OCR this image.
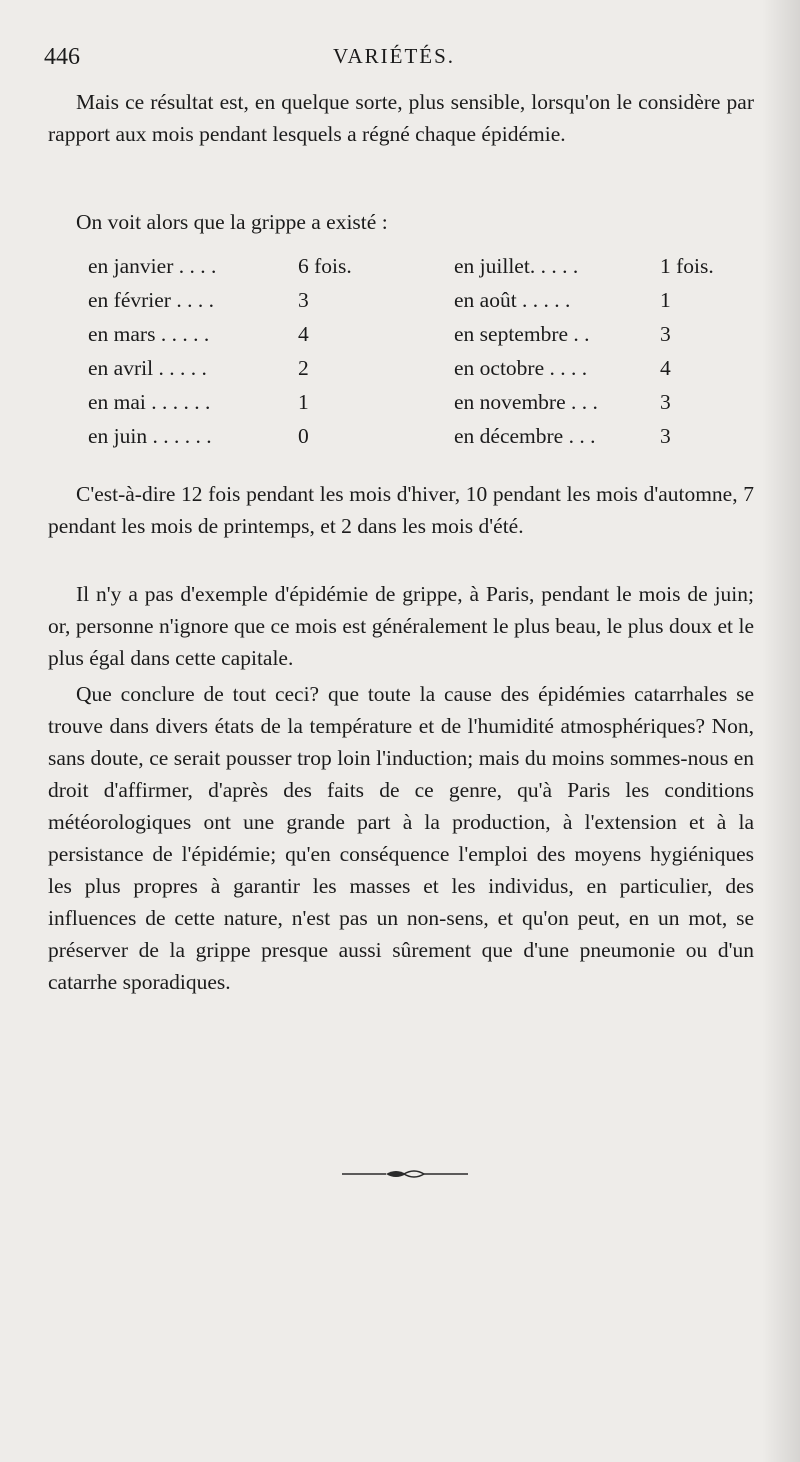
446	VARIÉTÉS.

Mais ce résultat est, en quelque sorte, plus sensible, lorsqu'on le considère par rapport aux mois pendant lesquels a régné chaque épidémie.

On voit alors que la grippe a existé :

en janvier . . . .	6 fois.	en juillet. . . . .	1 fois.
en février . . . .	3	en août . . . . .	1
en mars . . . . .	4	en septembre . .	3
en avril . . . . .	2	en octobre . . . .	4
en mai . . . . . .	1	en novembre . . .	3
en juin . . . . . .	0	en décembre . . .	3

C'est-à-dire 12 fois pendant les mois d'hiver, 10 pendant les mois d'automne, 7 pendant les mois de printemps, et 2 dans les mois d'été.

Il n'y a pas d'exemple d'épidémie de grippe, à Paris, pendant le mois de juin; or, personne n'ignore que ce mois est généralement le plus beau, le plus doux et le plus égal dans cette capitale.

Que conclure de tout ceci? que toute la cause des épidémies catarrhales se trouve dans divers états de la température et de l'humidité atmosphériques? Non, sans doute, ce serait pousser trop loin l'induction; mais du moins sommes-nous en droit d'affirmer, d'après des faits de ce genre, qu'à Paris les conditions météorologiques ont une grande part à la production, à l'extension et à la persistance de l'épidémie; qu'en conséquence l'emploi des moyens hygiéniques les plus propres à garantir les masses et les individus, en particulier, des influences de cette nature, n'est pas un non-sens, et qu'on peut, en un mot, se préserver de la grippe presque aussi sûrement que d'une pneumonie ou d'un catarrhe sporadiques.
